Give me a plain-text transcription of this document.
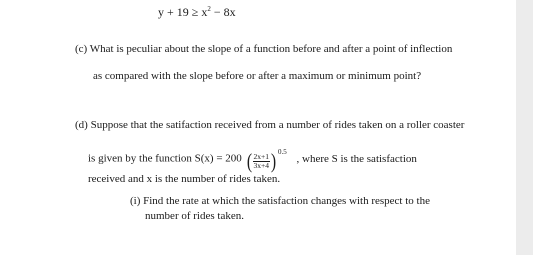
$y + 19 \ge x^2 - 8x$
(c) What is peculiar about the slope of a function before and after a point of inflection
as compared with the slope before or after a maximum or minimum point?
(d) Suppose that the satifaction received from a number of rides taken on a roller coaster
is given by the function S(x) = 200 ( $\frac{2x+1}{3x+4}$ ) $^{0.5}$ , where S is the satisfaction
received and x is the number of rides taken.
(i) Find the rate at which the satisfaction changes with respect to the
number of rides taken.
